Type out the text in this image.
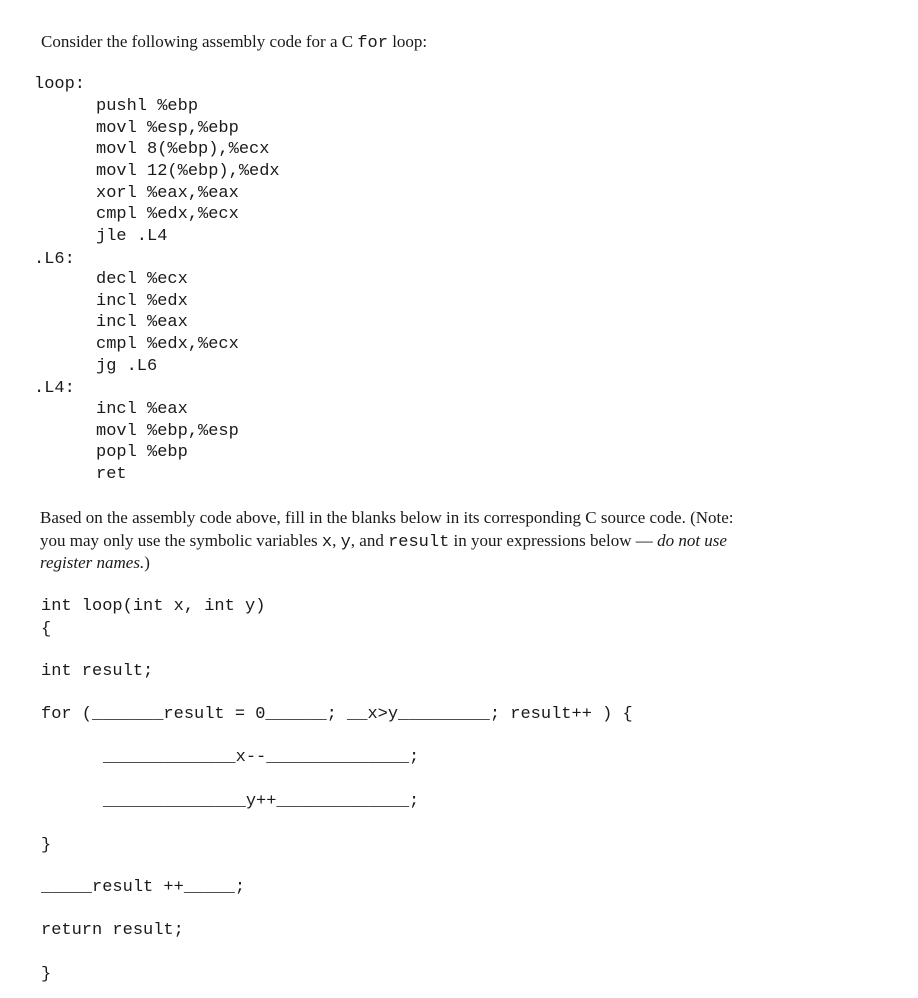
Consider the following assembly code for a C for loop:
loop:
pushl %ebp
movl %esp,%ebp
movl 8(%ebp),%ecx
movl 12(%ebp),%edx
xorl %eax,%eax
cmpl %edx,%ecx
jle .L4
.L6:
decl %ecx
incl %edx
incl %eax
cmpl %edx,%ecx
jg .L6
.L4:
incl %eax
movl %ebp,%esp
popl %ebp
ret
Based on the assembly code above, fill in the blanks below in its corresponding C source code. (Note:
you may only use the symbolic variables x, y, and result in your expressions below — do not use
register names.)
int loop(int x, int y)
{
int result;
for (_______result = 0______; __x>y_________; result++ ) {
_____________x--______________;
______________y++_____________;
}
_____result ++_____;
return result;
}
